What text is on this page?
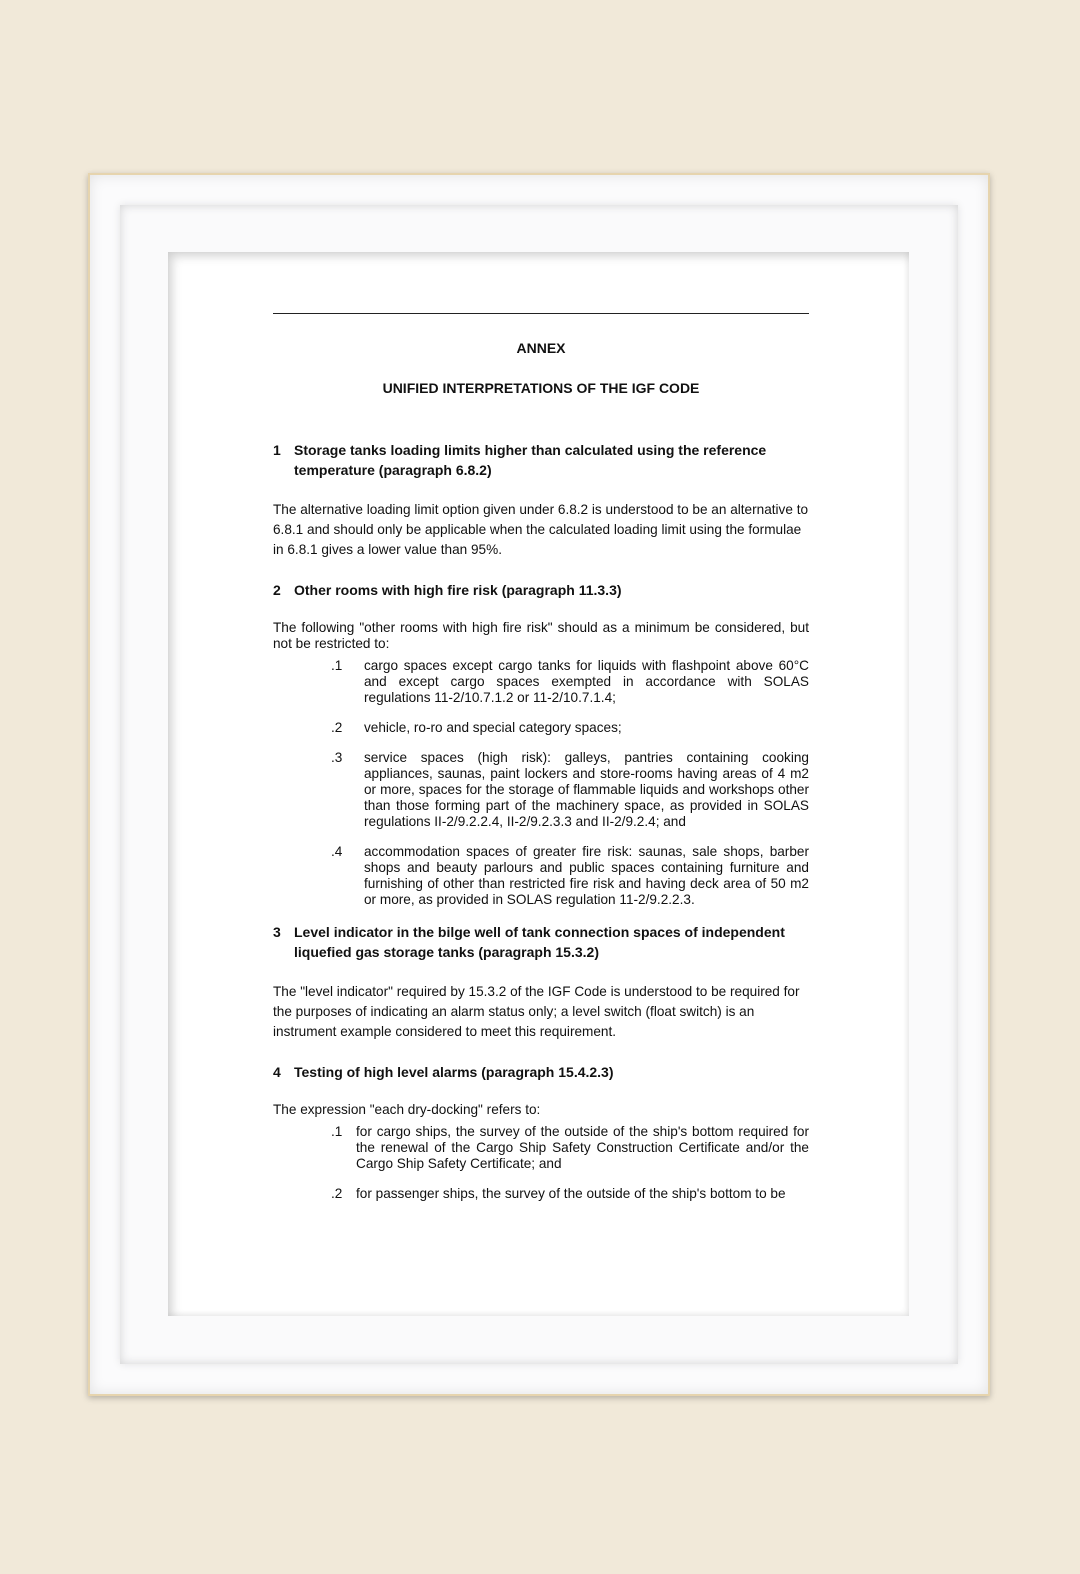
ANNEX
UNIFIED INTERPRETATIONS OF THE IGF CODE
1 Storage tanks loading limits higher than calculated using the reference temperature (paragraph 6.8.2)
The alternative loading limit option given under 6.8.2 is understood to be an alternative to 6.8.1 and should only be applicable when the calculated loading limit using the formulae in 6.8.1 gives a lower value than 95%.
2 Other rooms with high fire risk (paragraph 11.3.3)
The following "other rooms with high fire risk" should as a minimum be considered, but not be restricted to:
.1 cargo spaces except cargo tanks for liquids with flashpoint above 60°C and except cargo spaces exempted in accordance with SOLAS regulations 11-2/10.7.1.2 or 11-2/10.7.1.4;
.2 vehicle, ro-ro and special category spaces;
.3 service spaces (high risk): galleys, pantries containing cooking appliances, saunas, paint lockers and store-rooms having areas of 4 m2 or more, spaces for the storage of flammable liquids and workshops other than those forming part of the machinery space, as provided in SOLAS regulations II-2/9.2.2.4, II-2/9.2.3.3 and II-2/9.2.4; and
.4 accommodation spaces of greater fire risk: saunas, sale shops, barber shops and beauty parlours and public spaces containing furniture and furnishing of other than restricted fire risk and having deck area of 50 m2 or more, as provided in SOLAS regulation 11-2/9.2.2.3.
3 Level indicator in the bilge well of tank connection spaces of independent liquefied gas storage tanks (paragraph 15.3.2)
The "level indicator" required by 15.3.2 of the IGF Code is understood to be required for the purposes of indicating an alarm status only; a level switch (float switch) is an instrument example considered to meet this requirement.
4 Testing of high level alarms (paragraph 15.4.2.3)
The expression "each dry-docking" refers to:
.1 for cargo ships, the survey of the outside of the ship's bottom required for the renewal of the Cargo Ship Safety Construction Certificate and/or the Cargo Ship Safety Certificate; and
.2 for passenger ships, the survey of the outside of the ship's bottom to be
